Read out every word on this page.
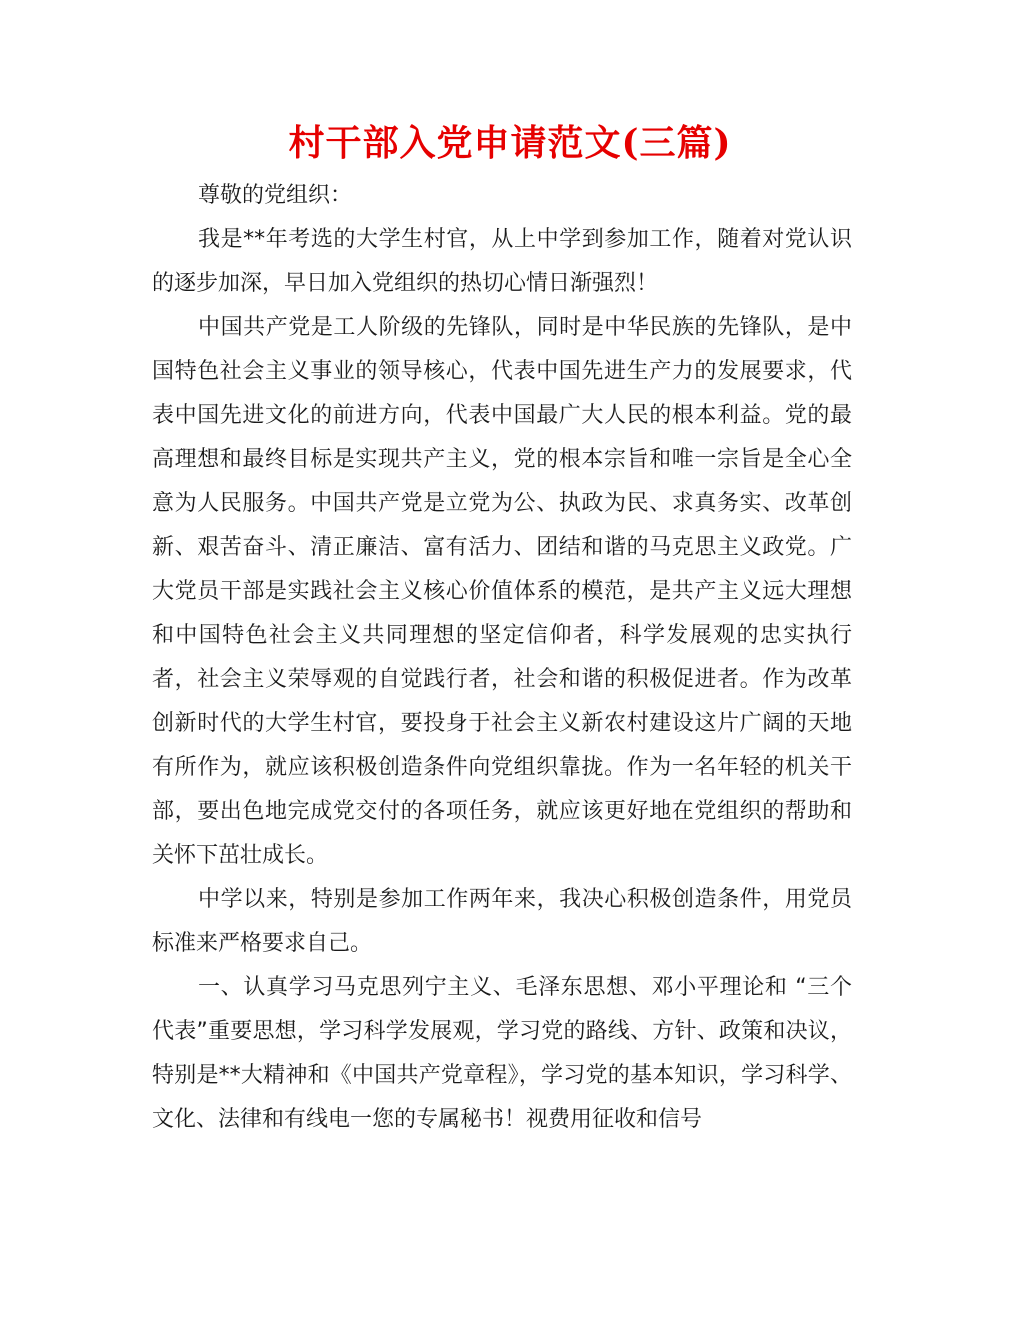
村干部入党申请范文(三篇)

尊敬的党组织：

我是**年考选的大学生村官，从上中学到参加工作，随着对党认识的逐步加深，早日加入党组织的热切心情日渐强烈！

中国共产党是工人阶级的先锋队，同时是中华民族的先锋队，是中国特色社会主义事业的领导核心，代表中国先进生产力的发展要求，代表中国先进文化的前进方向，代表中国最广大人民的根本利益。党的最高理想和最终目标是实现共产主义，党的根本宗旨和唯一宗旨是全心全意为人民服务。中国共产党是立党为公、执政为民、求真务实、改革创新、艰苦奋斗、清正廉洁、富有活力、团结和谐的马克思主义政党。广大党员干部是实践社会主义核心价值体系的模范，是共产主义远大理想和中国特色社会主义共同理想的坚定信仰者，科学发展观的忠实执行者，社会主义荣辱观的自觉践行者，社会和谐的积极促进者。作为改革创新时代的大学生村官，要投身于社会主义新农村建设这片广阔的天地有所作为，就应该积极创造条件向党组织靠拢。作为一名年轻的机关干部，要出色地完成党交付的各项任务，就应该更好地在党组织的帮助和关怀下茁壮成长。

中学以来，特别是参加工作两年来，我决心积极创造条件，用党员标准来严格要求自己。

一、认真学习马克思列宁主义、毛泽东思想、邓小平理论和 “三个代表”重要思想，学习科学发展观，学习党的路线、方针、政策和决议，特别是**大精神和《中国共产党章程》，学习党的基本知识，学习科学、文化、法律和有线电一您的专属秘书！视费用征收和信号
